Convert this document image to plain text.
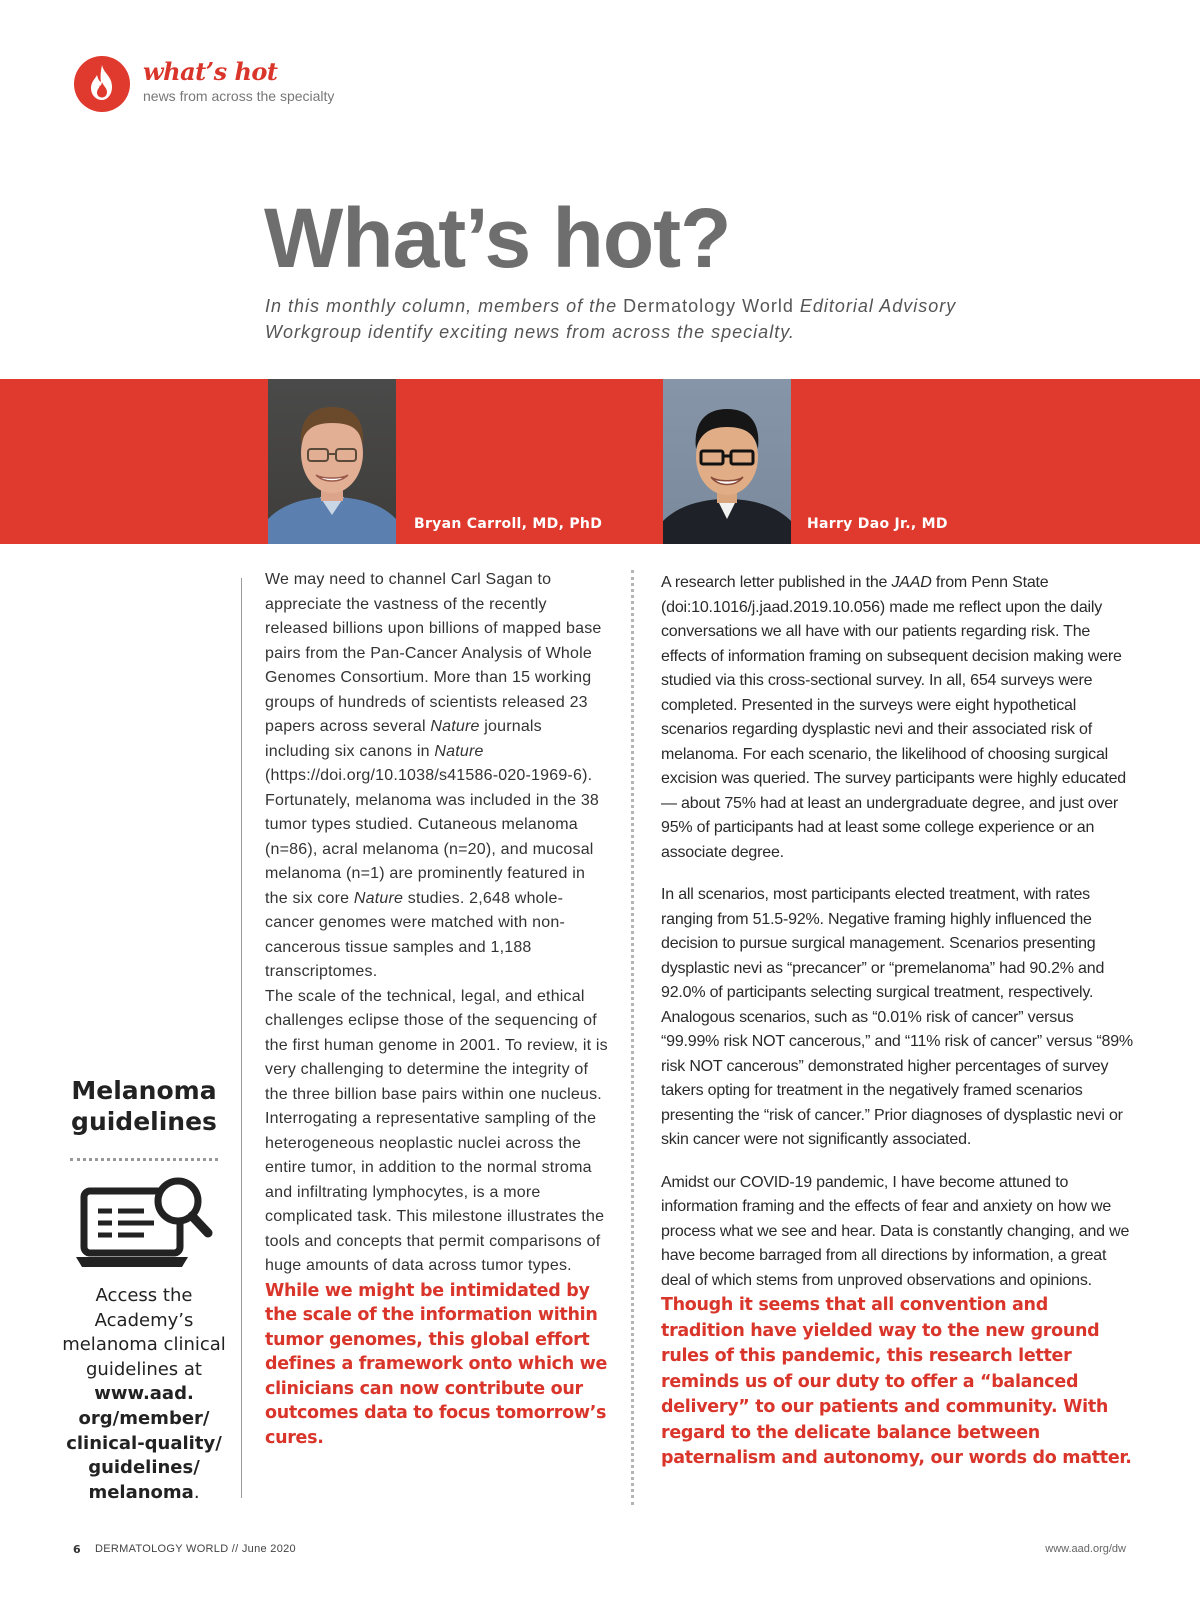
what’s hot
news from across the specialty
What’s hot?
In this monthly column, members of the Dermatology World Editorial Advisory Workgroup identify exciting news from across the specialty.
Bryan Carroll, MD, PhD	Harry Dao Jr., MD

We may need to channel Carl Sagan to appreciate the vastness of the recently released billions upon billions of mapped base pairs from the Pan-Cancer Analysis of Whole Genomes Consortium. More than 15 working groups of hundreds of scientists released 23 papers across several Nature journals including six canons in Nature (https://doi.org/10.1038/s41586-020-1969-6). Fortunately, melanoma was included in the 38 tumor types studied. Cutaneous melanoma (n=86), acral melanoma (n=20), and mucosal melanoma (n=1) are prominently featured in the six core Nature studies. 2,648 whole-cancer genomes were matched with non-cancerous tissue samples and 1,188 transcriptomes.

The scale of the technical, legal, and ethical challenges eclipse those of the sequencing of the first human genome in 2001. To review, it is very challenging to determine the integrity of the three billion base pairs within one nucleus. Interrogating a representative sampling of the heterogeneous neoplastic nuclei across the entire tumor, in addition to the normal stroma and infiltrating lymphocytes, is a more complicated task. This milestone illustrates the tools and concepts that permit comparisons of huge amounts of data across tumor types.

While we might be intimidated by the scale of the information within tumor genomes, this global effort defines a framework onto which we clinicians can now contribute our outcomes data to focus tomorrow’s cures.

A research letter published in the JAAD from Penn State (doi:10.1016/j.jaad.2019.10.056) made me reflect upon the daily conversations we all have with our patients regarding risk. The effects of information framing on subsequent decision making were studied via this cross-sectional survey. In all, 654 surveys were completed. Presented in the surveys were eight hypothetical scenarios regarding dysplastic nevi and their associated risk of melanoma. For each scenario, the likelihood of choosing surgical excision was queried. The survey participants were highly educated — about 75% had at least an undergraduate degree, and just over 95% of participants had at least some college experience or an associate degree.

In all scenarios, most participants elected treatment, with rates ranging from 51.5-92%. Negative framing highly influenced the decision to pursue surgical management. Scenarios presenting dysplastic nevi as “precancer” or “premelanoma” had 90.2% and 92.0% of participants selecting surgical treatment, respectively. Analogous scenarios, such as “0.01% risk of cancer” versus “99.99% risk NOT cancerous,” and “11% risk of cancer” versus “89% risk NOT cancerous” demonstrated higher percentages of survey takers opting for treatment in the negatively framed scenarios presenting the “risk of cancer.” Prior diagnoses of dysplastic nevi or skin cancer were not significantly associated.

Amidst our COVID-19 pandemic, I have become attuned to information framing and the effects of fear and anxiety on how we process what we see and hear. Data is constantly changing, and we have become barraged from all directions by information, a great deal of which stems from unproved observations and opinions. Though it seems that all convention and tradition have yielded way to the new ground rules of this pandemic, this research letter reminds us of our duty to offer a “balanced delivery” to our patients and community. With regard to the delicate balance between paternalism and autonomy, our words do matter.

Melanoma guidelines
Access the Academy’s melanoma clinical guidelines at www.aad.
org/member/
clinical-quality/
guidelines/
melanoma.
6 DERMATOLOGY WORLD // June 2020	www.aad.org/dw
